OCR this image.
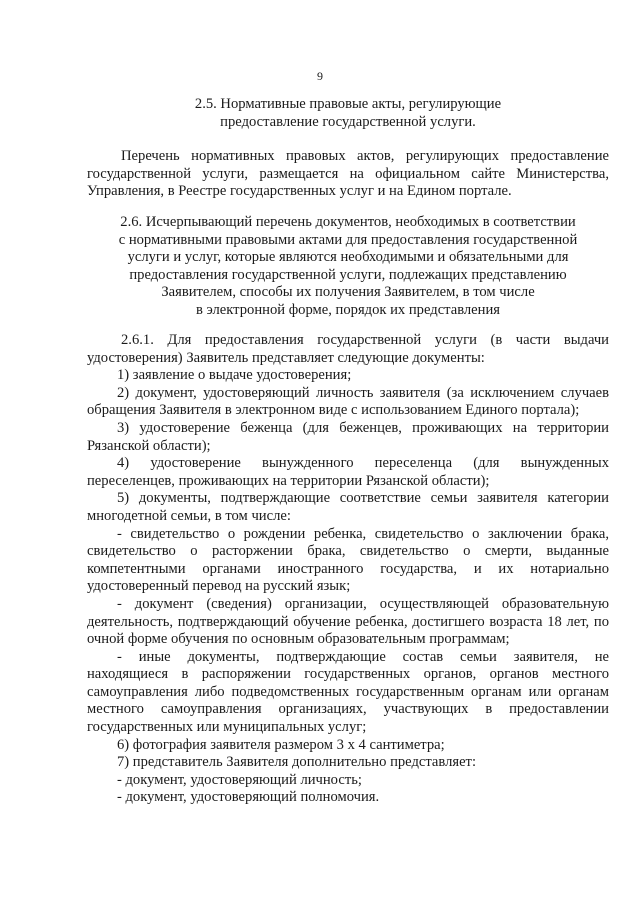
9
2.5. Нормативные правовые акты, регулирующие
предоставление государственной услуги.
Перечень нормативных правовых актов, регулирующих предоставление
государственной услуги, размещается на официальном сайте Министерства,
Управления, в Реестре государственных услуг и на Едином портале.
2.6. Исчерпывающий перечень документов, необходимых в соответствии
с нормативными правовыми актами для предоставления государственной
услуги и услуг, которые являются необходимыми и обязательными для
предоставления государственной услуги, подлежащих представлению
Заявителем, способы их получения Заявителем, в том числе
в электронной форме, порядок их представления
2.6.1. Для предоставления государственной услуги (в части выдачи
удостоверения) Заявитель представляет следующие документы:
1) заявление о выдаче удостоверения;
2) документ, удостоверяющий личность заявителя (за исключением случаев
обращения Заявителя в электронном виде с использованием Единого портала);
3) удостоверение беженца (для беженцев, проживающих на территории
Рязанской области);
4) удостоверение вынужденного переселенца (для вынужденных
переселенцев, проживающих на территории Рязанской области);
5) документы, подтверждающие соответствие семьи заявителя категории
многодетной семьи, в том числе:
- свидетельство о рождении ребенка, свидетельство о заключении брака,
свидетельство о расторжении брака, свидетельство о смерти, выданные
компетентными органами иностранного государства, и их нотариально
удостоверенный перевод на русский язык;
- документ (сведения) организации, осуществляющей образовательную
деятельность, подтверждающий обучение ребенка, достигшего возраста 18 лет, по
очной форме обучения по основным образовательным программам;
- иные документы, подтверждающие состав семьи заявителя, не
находящиеся в распоряжении государственных органов, органов местного
самоуправления либо подведомственных государственным органам или органам
местного самоуправления организациях, участвующих в предоставлении
государственных или муниципальных услуг;
6) фотография заявителя размером 3 х 4 сантиметра;
7) представитель Заявителя дополнительно представляет:
- документ, удостоверяющий личность;
- документ, удостоверяющий полномочия.
